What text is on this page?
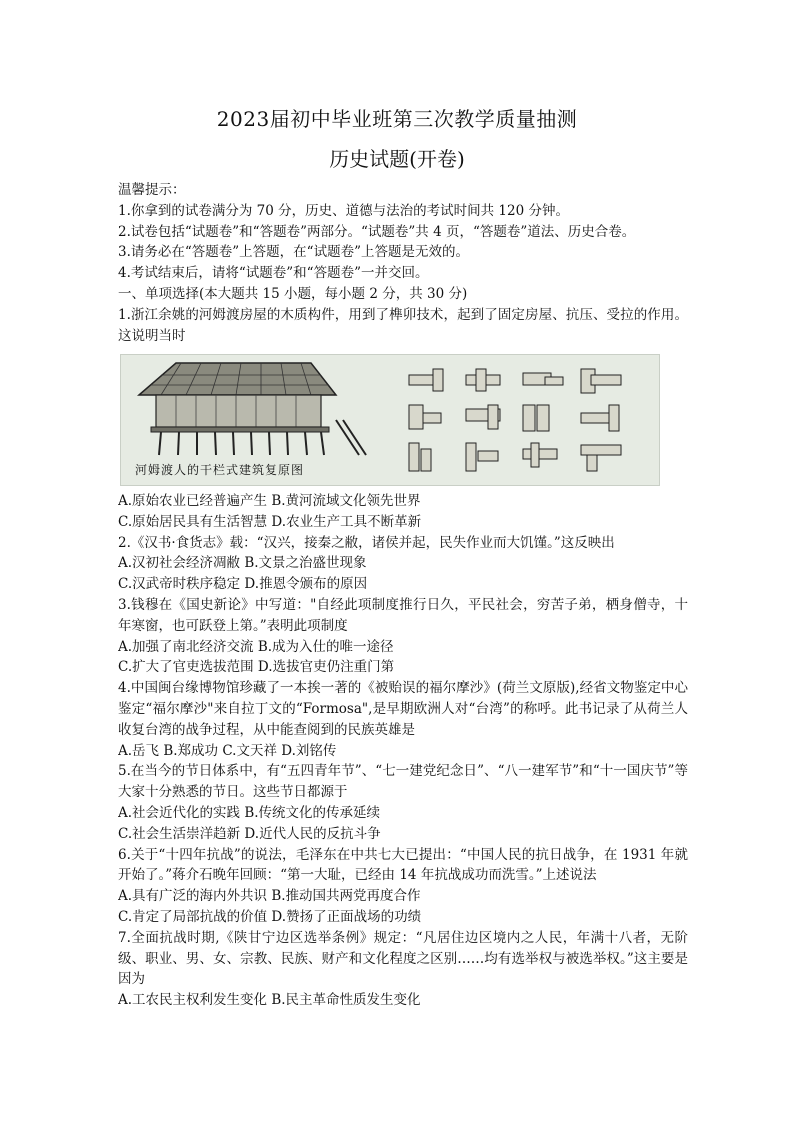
2023届初中毕业班第三次教学质量抽测
历史试题(开卷)
温馨提示：
1.你拿到的试卷满分为 70 分，历史、道德与法治的考试时间共 120 分钟。
2.试卷包括“试题卷”和“答题卷”两部分。“试题卷”共 4 页，“答题卷”道法、历史合卷。
3.请务必在“答题卷”上答题，在“试题卷”上答题是无效的。
4.考试结束后，请将“试题卷”和“答题卷”一并交回。
一、单项选择(本大题共 15 小题，每小题 2 分，共 30 分)
1.浙江余姚的河姆渡房屋的木质构件，用到了榫卯技术，起到了固定房屋、抗压、受拉的作用。这说明当时
河姆渡人的干栏式建筑复原图
A.原始农业已经普遍产生 B.黄河流域文化领先世界
C.原始居民具有生活智慧 D.农业生产工具不断革新
2.《汉书·食货志》载：“汉兴，接秦之敝，诸侯并起，民失作业而大饥馑。”这反映出
A.汉初社会经济凋敝 B.文景之治盛世现象
C.汉武帝时秩序稳定 D.推恩令颁布的原因
3.钱穆在《国史新论》中写道："自经此项制度推行日久，平民社会，穷苦子弟，栖身僧寺，十年寒窗，也可跃登上第。”表明此项制度
A.加强了南北经济交流 B.成为入仕的唯一途径
C.扩大了官吏选拔范围 D.选拔官吏仍注重门第
4.中国闽台缘博物馆珍藏了一本挨一著的《被贻误的福尔摩沙》(荷兰文原版),经省文物鉴定中心鉴定“福尔摩沙"来自拉丁文的“Formosa",是早期欧洲人对“台湾”的称呼。此书记录了从荷兰人收复台湾的战争过程，从中能查阅到的民族英雄是
A.岳飞 B.郑成功 C.文天祥 D.刘铭传
5.在当今的节日体系中，有“五四青年节”、“七一建党纪念日”、“八一建军节”和“十一国庆节”等大家十分熟悉的节日。这些节日都源于
A.社会近代化的实践 B.传统文化的传承延续
C.社会生活崇洋趋新 D.近代人民的反抗斗争
6.关于“十四年抗战”的说法，毛泽东在中共七大已提出：“中国人民的抗日战争，在 1931 年就开始了。”蒋介石晚年回顾：“第一大耻，已经由 14 年抗战成功而洗雪。”上述说法
A.具有广泛的海内外共识 B.推动国共两党再度合作
C.肯定了局部抗战的价值 D.赞扬了正面战场的功绩
7.全面抗战时期,《陕甘宁边区选举条例》规定：“凡居住边区境内之人民，年满十八者，无阶级、职业、男、女、宗教、民族、财产和文化程度之区别……均有选举权与被选举权。”这主要是因为
A.工农民主权利发生变化 B.民主革命性质发生变化
